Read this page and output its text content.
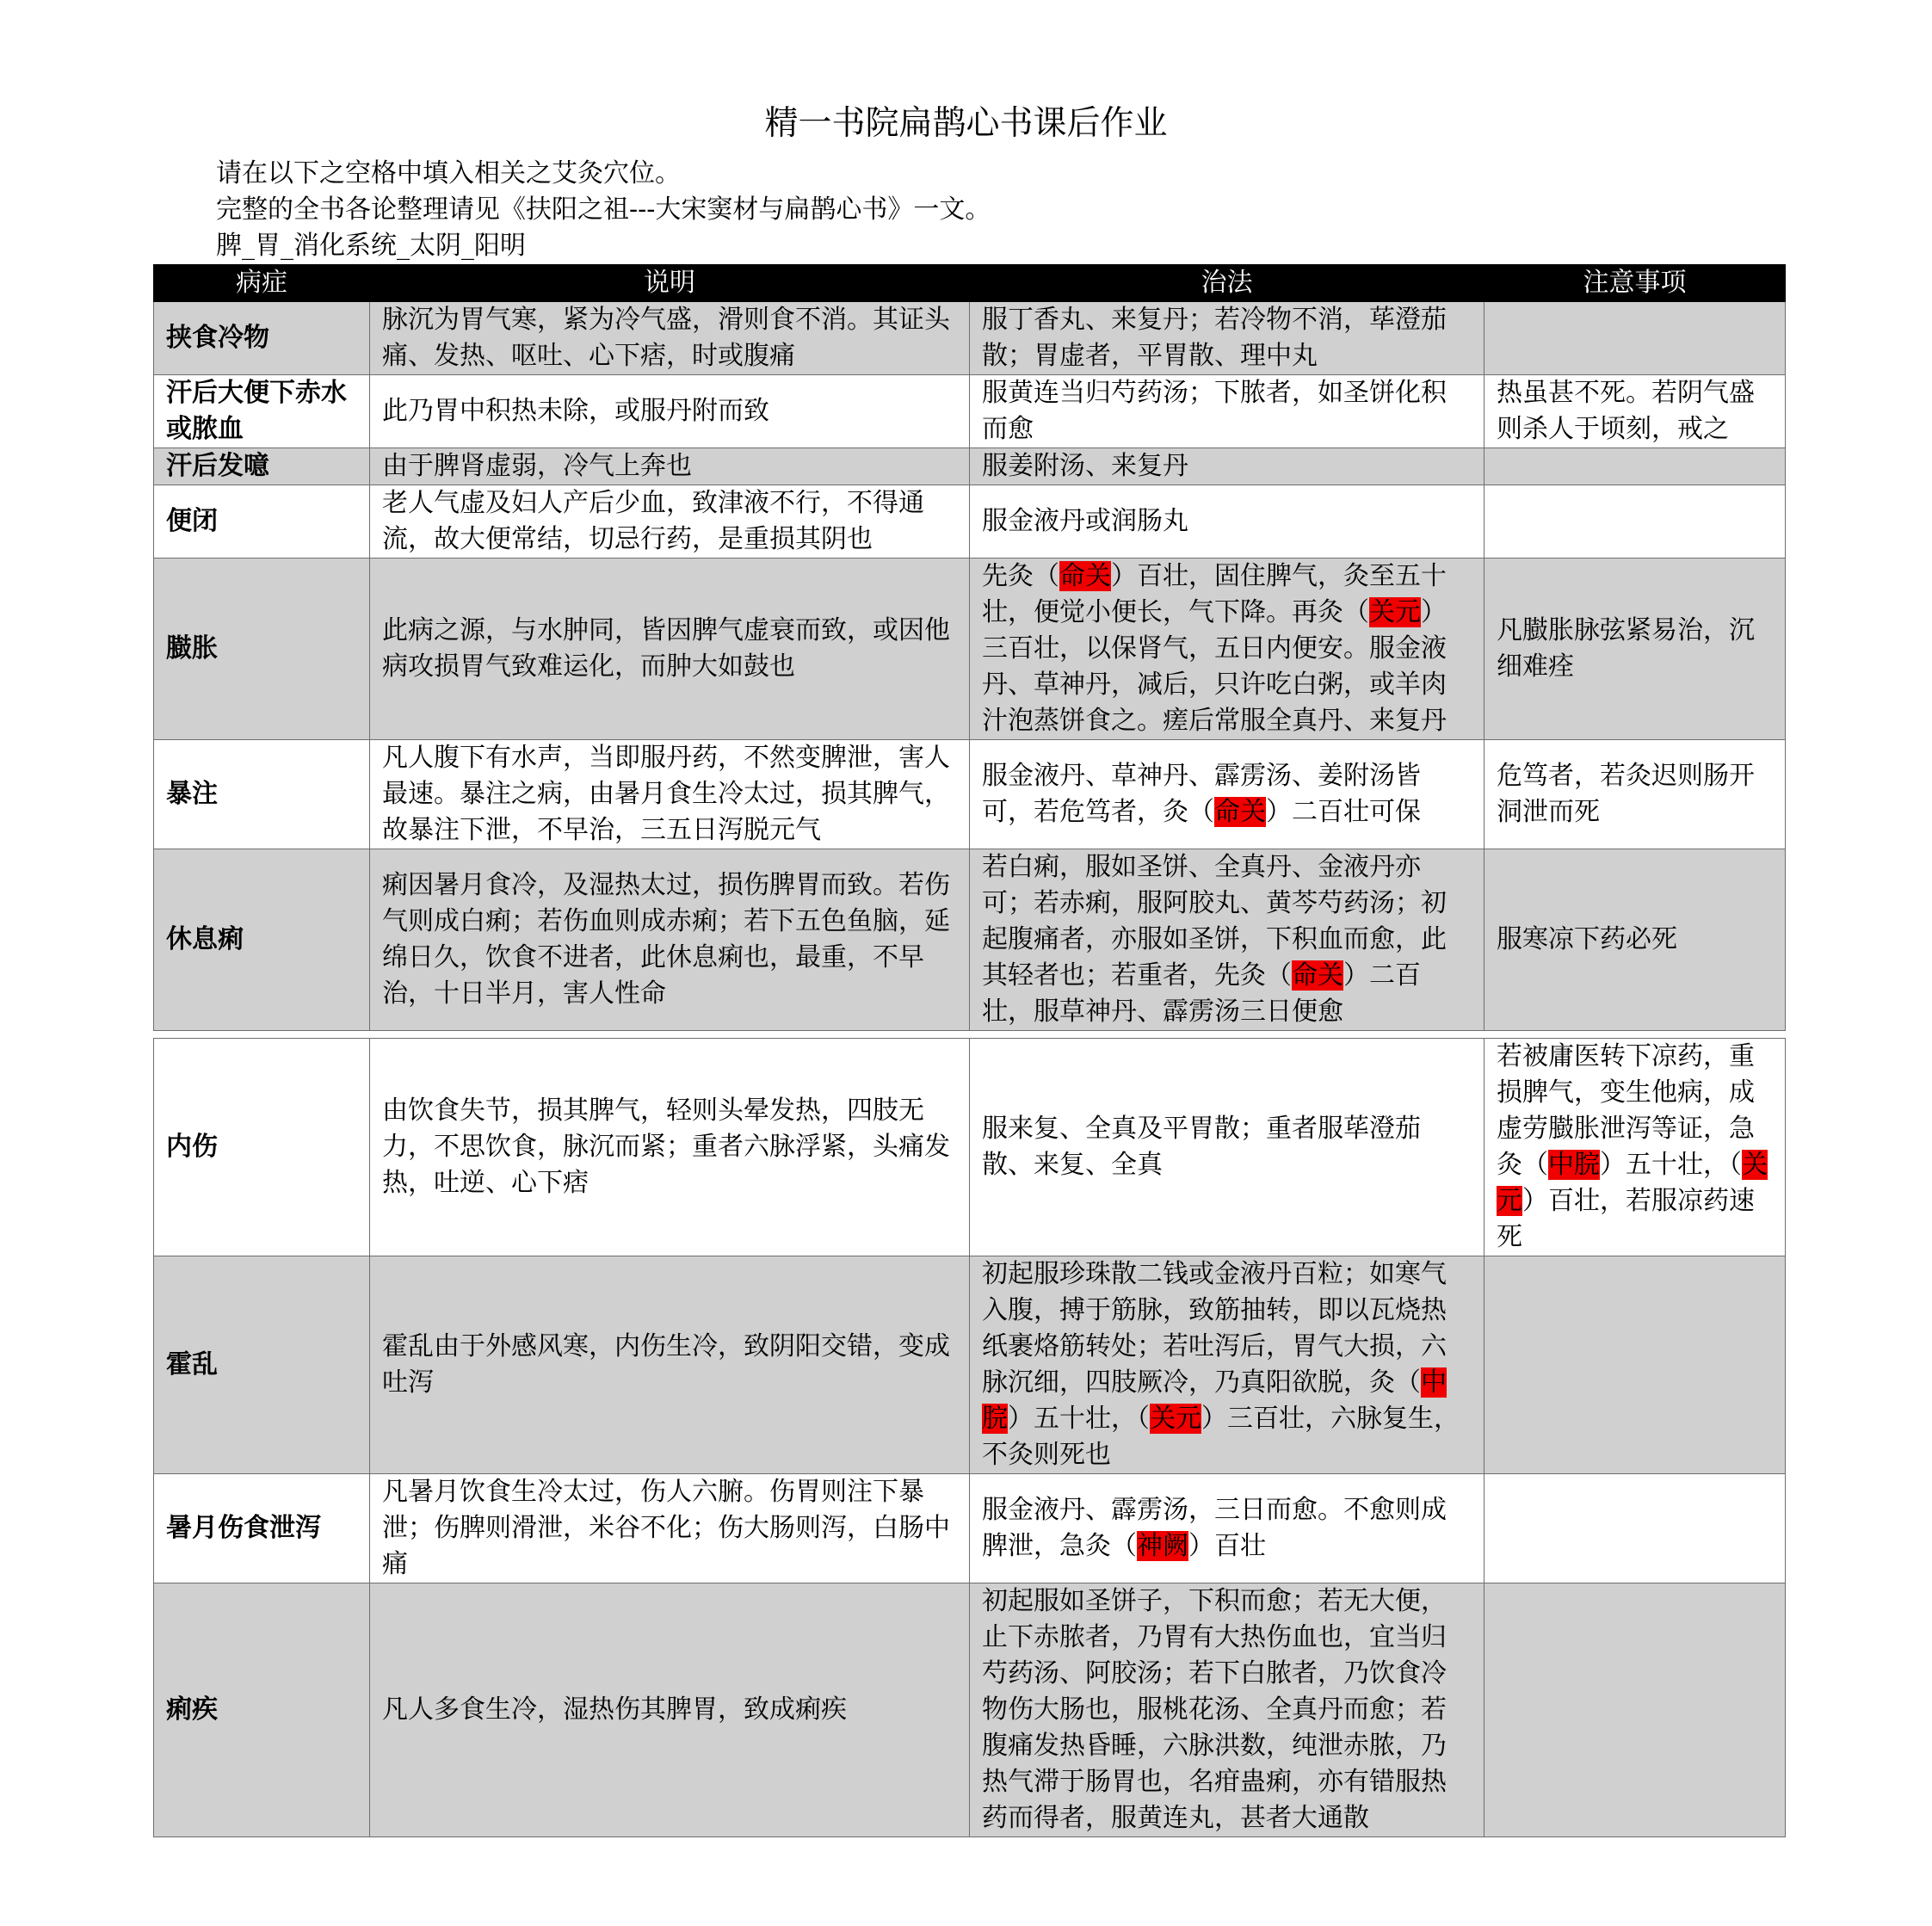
精一书院扁鹊心书课后作业
请在以下之空格中填入相关之艾灸穴位。
完整的全书各论整理请见《扶阳之祖---大宋窦材与扁鹊心书》一文。
脾_胃_消化系统_太阴_阳明
病症	说明	治法	注意事项
挟食冷物	脉沉为胃气寒，紧为冷气盛，滑则食不消。其证头痛、发热、呕吐、心下痞，时或腹痛	服丁香丸、来复丹；若冷物不消，荜澄茄散；胃虚者，平胃散、理中丸	
汗后大便下赤水或脓血	此乃胃中积热未除，或服丹附而致	服黄连当归芍药汤；下脓者，如圣饼化积而愈	热虽甚不死。若阴气盛则杀人于顷刻，戒之
汗后发噫	由于脾肾虚弱，冷气上奔也	服姜附汤、来复丹	
便闭	老人气虚及妇人产后少血，致津液不行，不得通流，故大便常结，切忌行药，是重损其阴也	服金液丹或润肠丸	
臌胀	此病之源，与水肿同，皆因脾气虚衰而致，或因他病攻损胃气致难运化，而肿大如鼓也	先灸（命关）百壮，固住脾气，灸至五十壮，便觉小便长，气下降。再灸（关元）三百壮，以保肾气，五日内便安。服金液丹、草神丹，减后，只许吃白粥，或羊肉汁泡蒸饼食之。瘥后常服全真丹、来复丹	凡臌胀脉弦紧易治，沉细难痊
暴注	凡人腹下有水声，当即服丹药，不然变脾泄，害人最速。暴注之病，由暑月食生冷太过，损其脾气，故暴注下泄，不早治，三五日泻脱元气	服金液丹、草神丹、霹雳汤、姜附汤皆可，若危笃者，灸（命关）二百壮可保	危笃者，若灸迟则肠开洞泄而死
休息痢	痢因暑月食冷，及湿热太过，损伤脾胃而致。若伤气则成白痢；若伤血则成赤痢；若下五色鱼脑，延绵日久，饮食不进者，此休息痢也，最重，不早治，十日半月，害人性命	若白痢，服如圣饼、全真丹、金液丹亦可；若赤痢，服阿胶丸、黄芩芍药汤；初起腹痛者，亦服如圣饼，下积血而愈，此其轻者也；若重者，先灸（命关）二百壮，服草神丹、霹雳汤三日便愈	服寒凉下药必死

内伤	由饮食失节，损其脾气，轻则头晕发热，四肢无力，不思饮食，脉沉而紧；重者六脉浮紧，头痛发热，吐逆、心下痞	服来复、全真及平胃散；重者服荜澄茄散、来复、全真	若被庸医转下凉药，重损脾气，变生他病，成虚劳臌胀泄泻等证，急灸（中脘）五十壮，（关元）百壮，若服凉药速死
霍乱	霍乱由于外感风寒，内伤生冷，致阴阳交错，变成吐泻	初起服珍珠散二钱或金液丹百粒；如寒气入腹，搏于筋脉，致筋抽转，即以瓦烧热纸裹烙筋转处；若吐泻后，胃气大损，六脉沉细，四肢厥冷，乃真阳欲脱，灸（中脘）五十壮，（关元）三百壮，六脉复生，不灸则死也	
暑月伤食泄泻	凡暑月饮食生冷太过，伤人六腑。伤胃则注下暴泄；伤脾则滑泄，米谷不化；伤大肠则泻，白肠中痛	服金液丹、霹雳汤，三日而愈。不愈则成脾泄，急灸（神阙）百壮	
痢疾	凡人多食生冷，湿热伤其脾胃，致成痢疾	初起服如圣饼子，下积而愈；若无大便，止下赤脓者，乃胃有大热伤血也，宜当归芍药汤、阿胶汤；若下白脓者，乃饮食冷物伤大肠也，服桃花汤、全真丹而愈；若腹痛发热昏睡，六脉洪数，纯泄赤脓，乃热气滞于肠胃也，名疳蛊痢，亦有错服热药而得者，服黄连丸，甚者大通散	
